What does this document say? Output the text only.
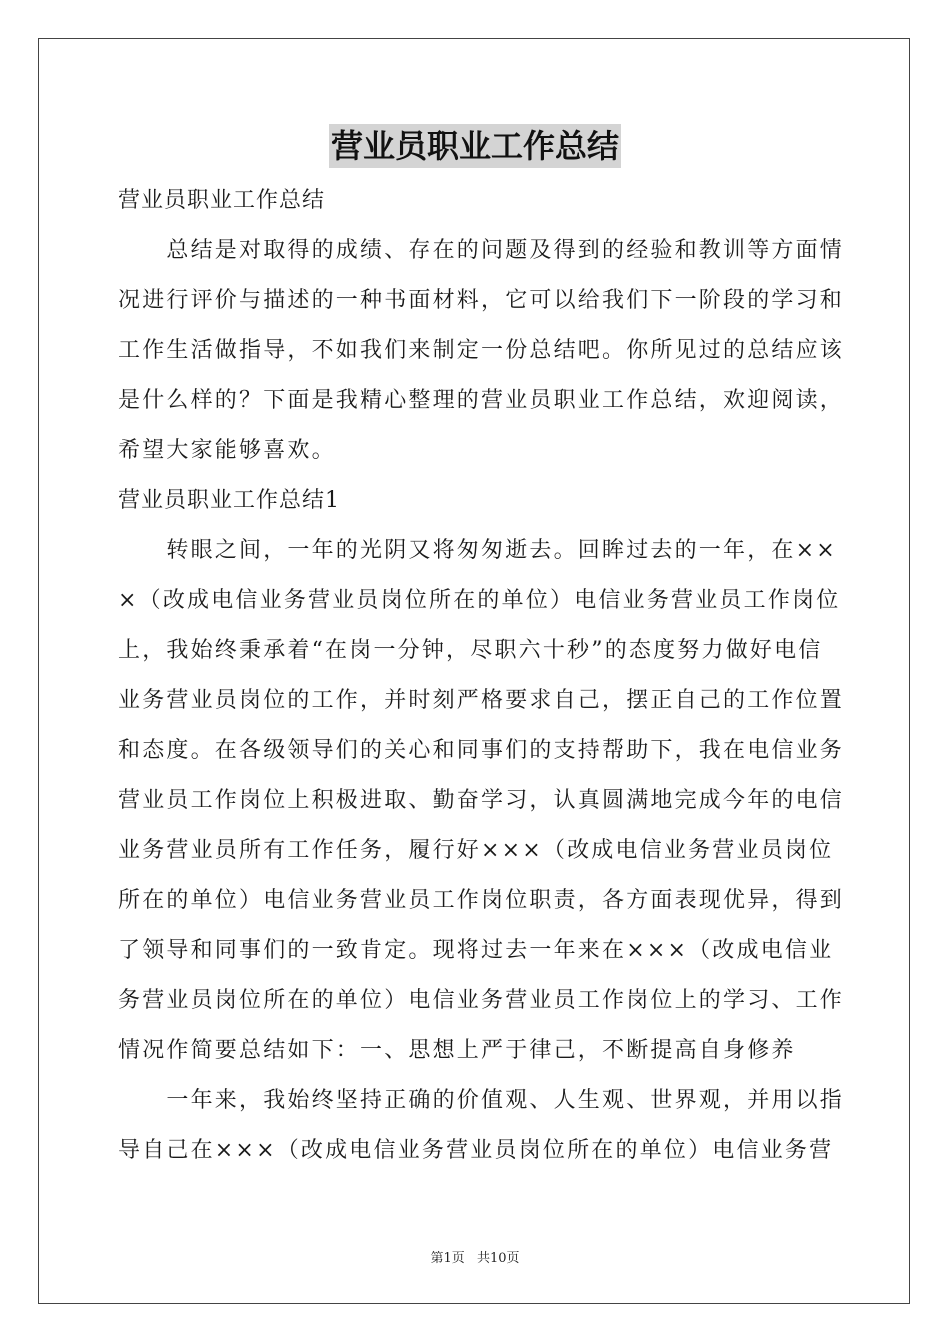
营业员职业工作总结
营业员职业工作总结
　　总结是对取得的成绩、存在的问题及得到的经验和教训等方面情
况进行评价与描述的一种书面材料，它可以给我们下一阶段的学习和
工作生活做指导，不如我们来制定一份总结吧。你所见过的总结应该
是什么样的？下面是我精心整理的营业员职业工作总结，欢迎阅读，
希望大家能够喜欢。
营业员职业工作总结1
　　转眼之间，一年的光阴又将匆匆逝去。回眸过去的一年，在××
×（改成电信业务营业员岗位所在的单位）电信业务营业员工作岗位
上，我始终秉承着“在岗一分钟，尽职六十秒”的态度努力做好电信
业务营业员岗位的工作，并时刻严格要求自己，摆正自己的工作位置
和态度。在各级领导们的关心和同事们的支持帮助下，我在电信业务
营业员工作岗位上积极进取、勤奋学习，认真圆满地完成今年的电信
业务营业员所有工作任务，履行好×××（改成电信业务营业员岗位
所在的单位）电信业务营业员工作岗位职责，各方面表现优异，得到
了领导和同事们的一致肯定。现将过去一年来在×××（改成电信业
务营业员岗位所在的单位）电信业务营业员工作岗位上的学习、工作
情况作简要总结如下：一、思想上严于律己，不断提高自身修养
　　一年来，我始终坚持正确的价值观、人生观、世界观，并用以指
导自己在×××（改成电信业务营业员岗位所在的单位）电信业务营
第1页 共10页
